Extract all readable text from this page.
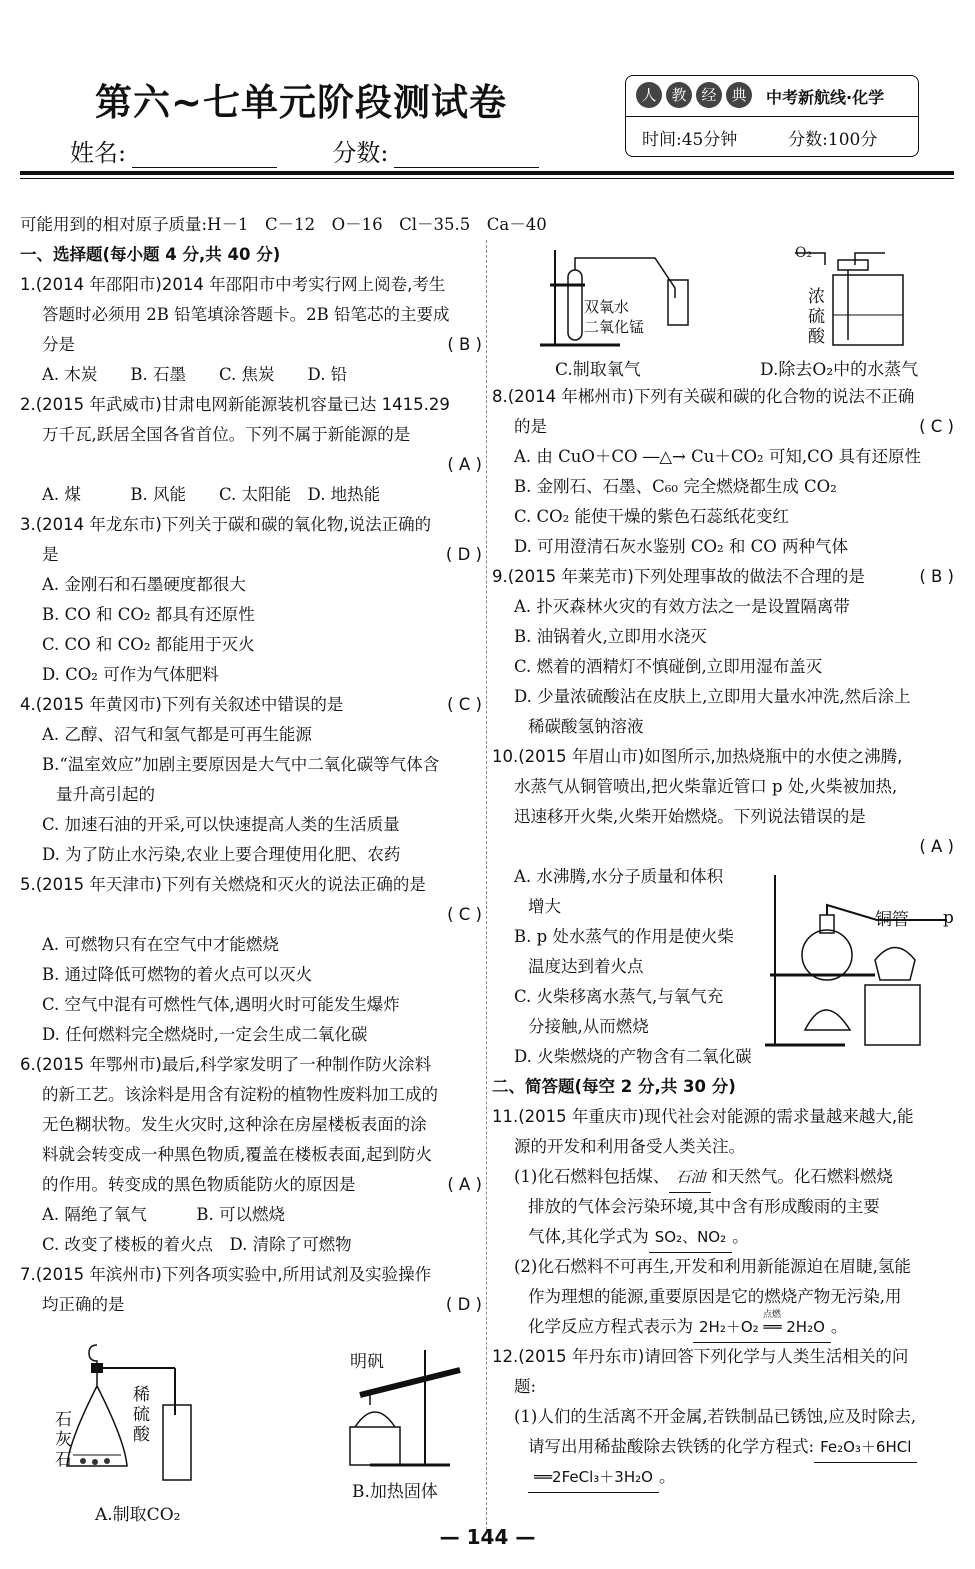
第六~七单元阶段测试卷
姓名:	分数:
人 教 经 典	中考新航线·化学
时间:45分钟	分数:100分
可能用到的相对原子质量:H－1　C－12　O－16　Cl－35.5　Ca－40
一、选择题(每小题 4 分,共 40 分)
1.(2014 年邵阳市)2014 年邵阳市中考实行网上阅卷,考生
答题时必须用 2B 铅笔填涂答题卡。2B 铅笔芯的主要成
分是	( B )
A. 木炭　　B. 石墨　　C. 焦炭　　D. 铅
2.(2015 年武威市)甘肃电网新能源装机容量已达 1415.29
万千瓦,跃居全国各省首位。下列不属于新能源的是
( A )
A. 煤　　　B. 风能　　C. 太阳能　D. 地热能
3.(2014 年龙东市)下列关于碳和碳的氧化物,说法正确的
是	( D )
A. 金刚石和石墨硬度都很大
B. CO 和 CO₂ 都具有还原性
C. CO 和 CO₂ 都能用于灭火
D. CO₂ 可作为气体肥料
4.(2015 年黄冈市)下列有关叙述中错误的是	( C )
A. 乙醇、沼气和氢气都是可再生能源
B.“温室效应”加剧主要原因是大气中二氧化碳等气体含
量升高引起的
C. 加速石油的开采,可以快速提高人类的生活质量
D. 为了防止水污染,农业上要合理使用化肥、农药
5.(2015 年天津市)下列有关燃烧和灭火的说法正确的是
( C )
A. 可燃物只有在空气中才能燃烧
B. 通过降低可燃物的着火点可以灭火
C. 空气中混有可燃性气体,遇明火时可能发生爆炸
D. 任何燃料完全燃烧时,一定会生成二氧化碳
6.(2015 年鄂州市)最后,科学家发明了一种制作防火涂料
的新工艺。该涂料是用含有淀粉的植物性废料加工成的
无色糊状物。发生火灾时,这种涂在房屋楼板表面的涂
料就会转变成一种黑色物质,覆盖在楼板表面,起到防火
的作用。转变成的黑色物质能防火的原因是	( A )
A. 隔绝了氧气　　　B. 可以燃烧
C. 改变了楼板的着火点　D. 清除了可燃物
7.(2015 年滨州市)下列各项实验中,所用试剂及实验操作
均正确的是	( D )
稀
硫
酸
石
灰
石
A.制取CO₂
明矾
B.加热固体
8.(2014 年郴州市)下列有关碳和碳的化合物的说法不正确
的是	( C )
A. 由 CuO＋CO ―△→ Cu＋CO₂ 可知,CO 具有还原性
B. 金刚石、石墨、C₆₀ 完全燃烧都生成 CO₂
C. CO₂ 能使干燥的紫色石蕊纸花变红
D. 可用澄清石灰水鉴别 CO₂ 和 CO 两种气体
9.(2015 年莱芜市)下列处理事故的做法不合理的是	( B )
A. 扑灭森林火灾的有效方法之一是设置隔离带
B. 油锅着火,立即用水浇灭
C. 燃着的酒精灯不慎碰倒,立即用湿布盖灭
D. 少量浓硫酸沾在皮肤上,立即用大量水冲洗,然后涂上
稀碳酸氢钠溶液
10.(2015 年眉山市)如图所示,加热烧瓶中的水使之沸腾,
水蒸气从铜管喷出,把火柴靠近管口 p 处,火柴被加热,
迅速移开火柴,火柴开始燃烧。下列说法错误的是
( A )
A. 水沸腾,水分子质量和体积
增大
B. p 处水蒸气的作用是使火柴
温度达到着火点
C. 火柴移离水蒸气,与氧气充
分接触,从而燃烧
D. 火柴燃烧的产物含有二氧化碳
二、简答题(每空 2 分,共 30 分)
11.(2015 年重庆市)现代社会对能源的需求量越来越大,能
源的开发和利用备受人类关注。
(1)化石燃料包括煤、 石油 和天然气。化石燃料燃烧
排放的气体会污染环境,其中含有形成酸雨的主要
气体,其化学式为 SO₂、NO₂ 。
(2)化石燃料不可再生,开发和利用新能源迫在眉睫,氢能
作为理想的能源,重要原因是它的燃烧产物无污染,用
化学反应方程式表示为
点燃
2H₂＋O₂ ══ 2H₂O 。
12.(2015 年丹东市)请回答下列化学与人类生活相关的问
题:
(1)人们的生活离不开金属,若铁制品已锈蚀,应及时除去,
请写出用稀盐酸除去铁锈的化学方程式: Fe₂O₃＋6HCl
══2FeCl₃＋3H₂O 。
双氧水
二氧化锰
C.制取氧气
O₂
浓
硫
酸
D.除去O₂中的水蒸气
铜管 p
— 144 —
